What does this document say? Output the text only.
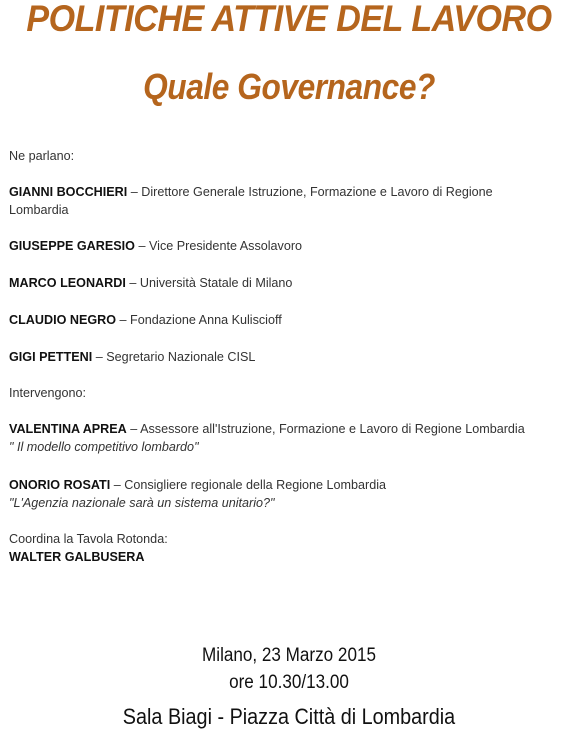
POLITICHE ATTIVE DEL LAVORO
Quale Governance?
Ne parlano:
GIANNI BOCCHIERI – Direttore Generale Istruzione, Formazione e Lavoro di Regione
Lombardia
GIUSEPPE GARESIO – Vice Presidente Assolavoro
MARCO LEONARDI – Università Statale di Milano
CLAUDIO NEGRO – Fondazione Anna Kuliscioff
GIGI PETTENI – Segretario Nazionale CISL
Intervengono:
VALENTINA APREA – Assessore all'Istruzione, Formazione e Lavoro di Regione Lombardia
" Il modello competitivo lombardo"
ONORIO ROSATI – Consigliere regionale della Regione Lombardia
"L'Agenzia nazionale sarà un sistema unitario?"
Coordina la Tavola Rotonda:
WALTER GALBUSERA
Milano, 23 Marzo 2015
ore 10.30/13.00
Sala Biagi - Piazza Città di Lombardia
